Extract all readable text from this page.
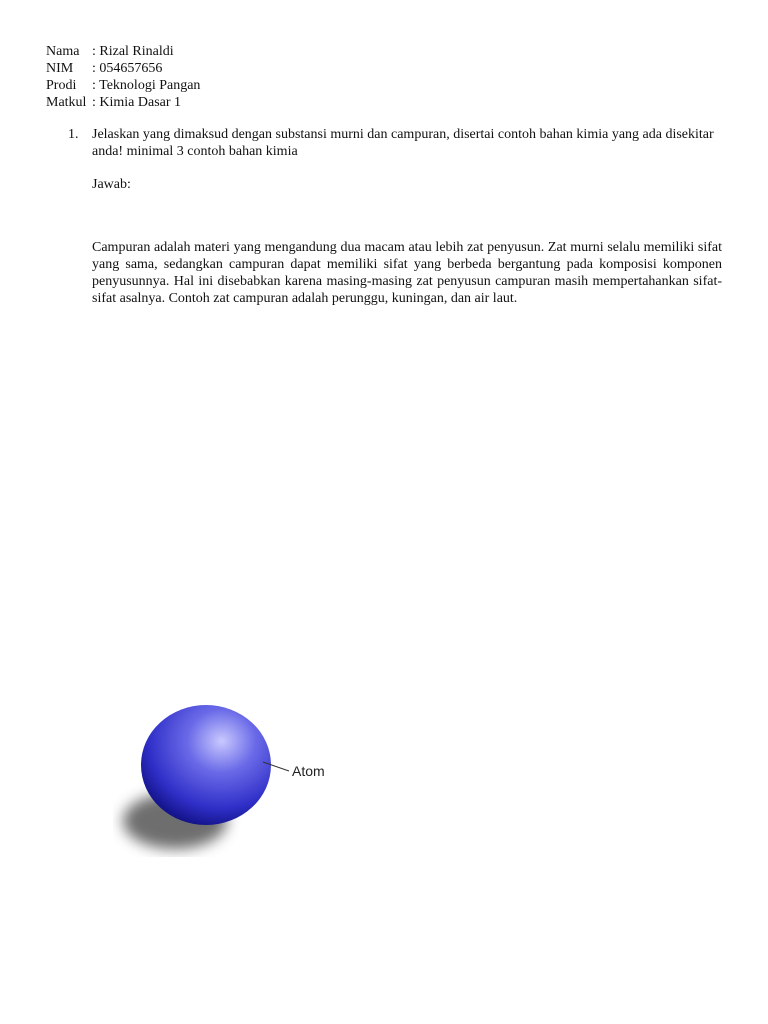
Nama : Rizal Rinaldi
NIM	: 054657656
Prodi	: Teknologi Pangan
Matkul : Kimia Dasar 1
1. Jelaskan yang dimaksud dengan substansi murni dan campuran, disertai contoh bahan kimia yang ada disekitar anda! minimal 3 contoh bahan kimia
Jawab:
Campuran adalah materi yang mengandung dua macam atau lebih zat penyusun. Zat murni selalu memiliki sifat yang sama, sedangkan campuran dapat memiliki sifat yang berbeda bergantung pada komposisi komponen penyusunnya. Hal ini disebabkan karena masing-masing zat penyusun campuran masih mempertahankan sifat-sifat asalnya. Contoh zat campuran adalah perunggu, kuningan, dan air laut.
Atom
